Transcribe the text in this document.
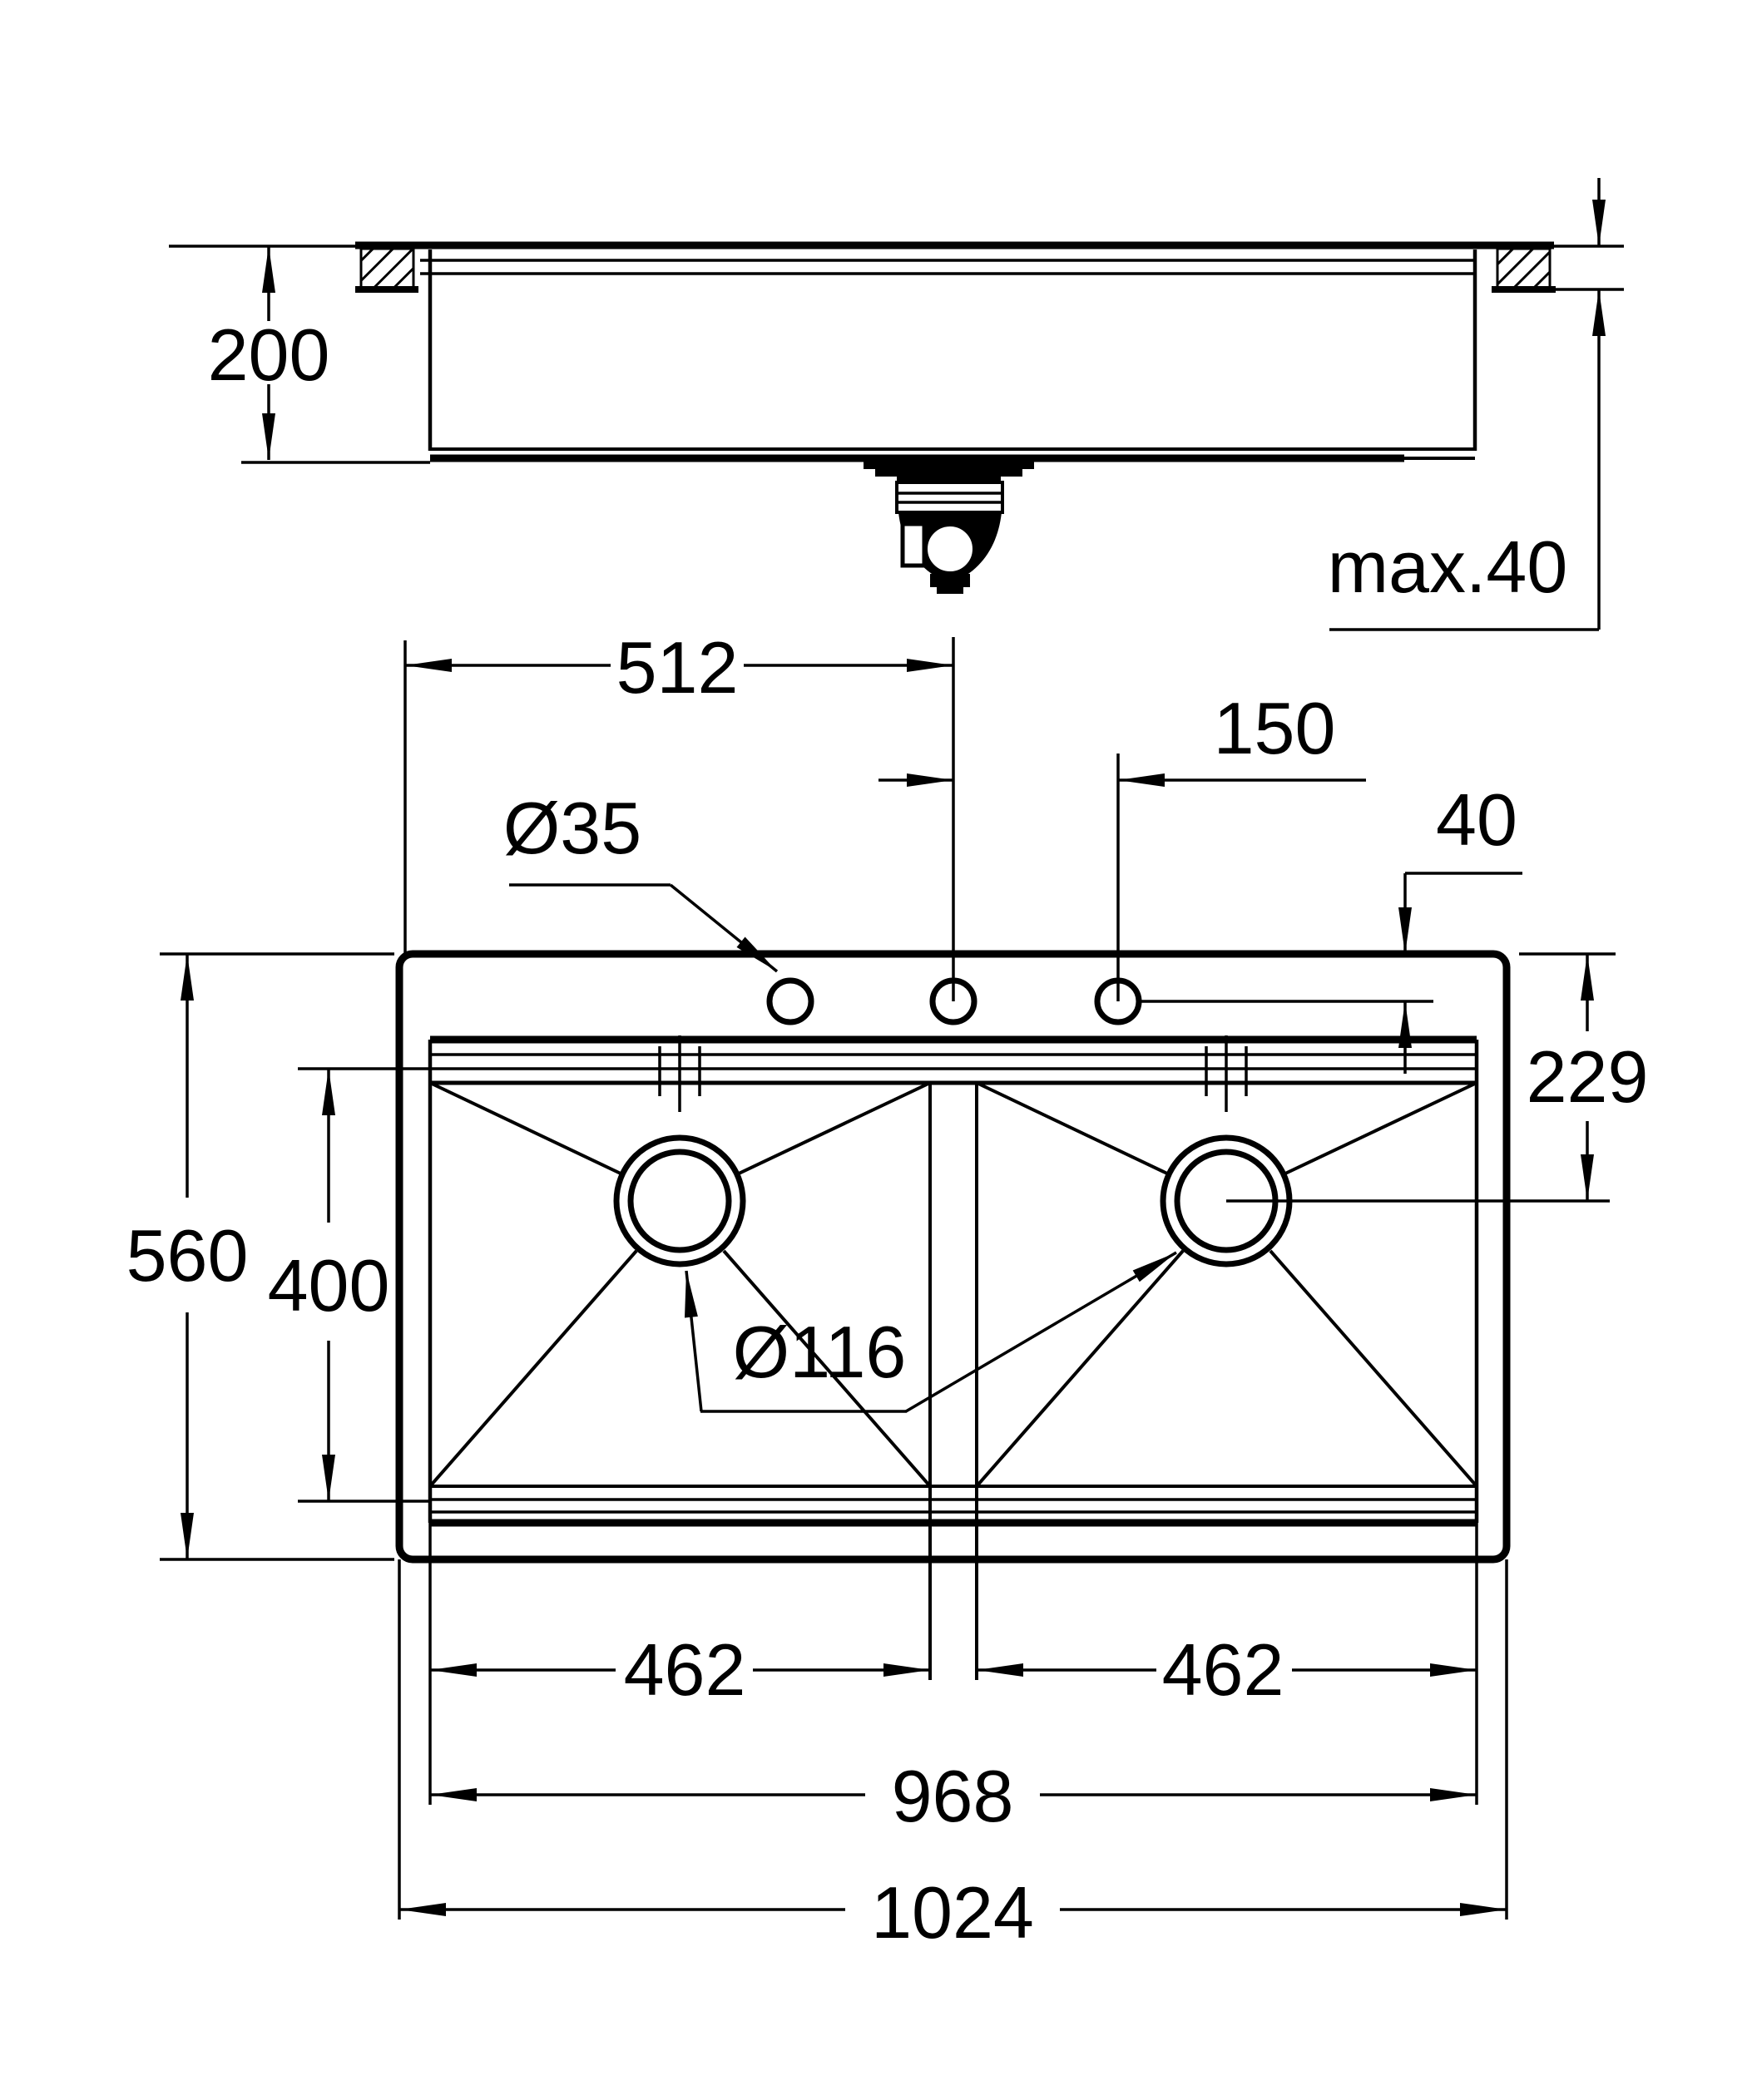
200
max.40
512
150
40
229
560 400
Ø35
Ø116
462	462
968
1024
